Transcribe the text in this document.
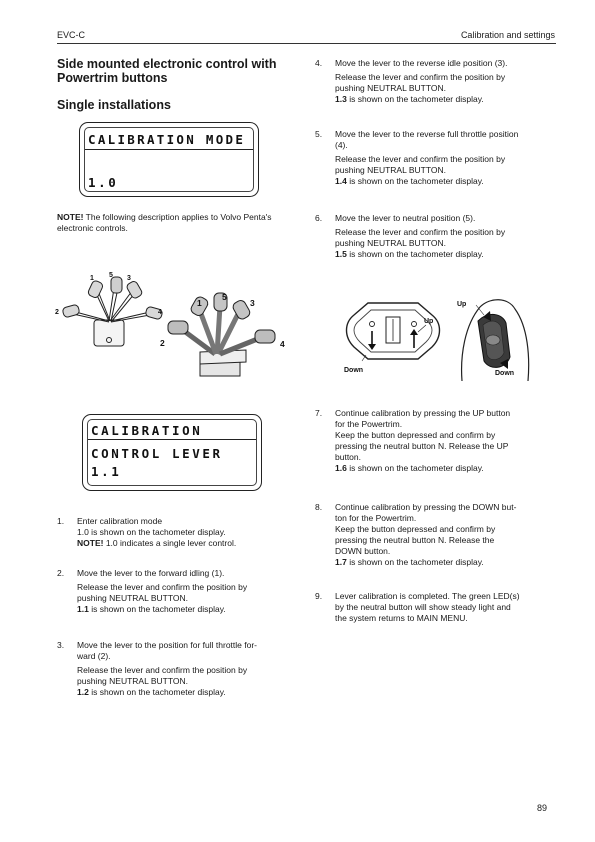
EVC-C	Calibration and settings
Side mounted electronic control with Powertrim buttons
Single installations
CALIBRATION MODE
1.0
NOTE! The following description applies to Volvo Penta's electronic controls.
1 5 3
2	4
1
5
3
2	4
CALIBRATION
CONTROL LEVER
1.1
1. Enter calibration mode
1.0 is shown on the tachometer display.
NOTE! 1.0 indicates a single lever control.
2. Move the lever to the forward idling (1).

Release the lever and confirm the position by
pushing NEUTRAL BUTTON.
1.1 is shown on the tachometer display.

3. Move the lever to the position for full throttle for-
ward (2).

Release the lever and confirm the position by
pushing NEUTRAL BUTTON.
1.2 is shown on the tachometer display.

4. Move the lever to the reverse idle position (3).

Release the lever and confirm the position by
pushing NEUTRAL BUTTON.
1.3 is shown on the tachometer display.

5. Move the lever to the reverse full throttle position
(4).

Release the lever and confirm the position by
pushing NEUTRAL BUTTON.
1.4 is shown on the tachometer display.

6. Move the lever to neutral position (5).

Release the lever and confirm the position by
pushing NEUTRAL BUTTON.
1.5 is shown on the tachometer display.

Up
Down
Up
Down
7. Continue calibration by pressing the UP button
for the Powertrim.
Keep the button depressed and confirm by
pressing the neutral button N. Release the UP
button.
1.6 is shown on the tachometer display.
8. Continue calibration by pressing the DOWN but-
ton for the Powertrim.
Keep the button depressed and confirm by
pressing the neutral button N. Release the
DOWN button.
1.7 is shown on the tachometer display.
9. Lever calibration is completed. The green LED(s)
by the neutral button will show steady light and
the system returns to MAIN MENU.
89
